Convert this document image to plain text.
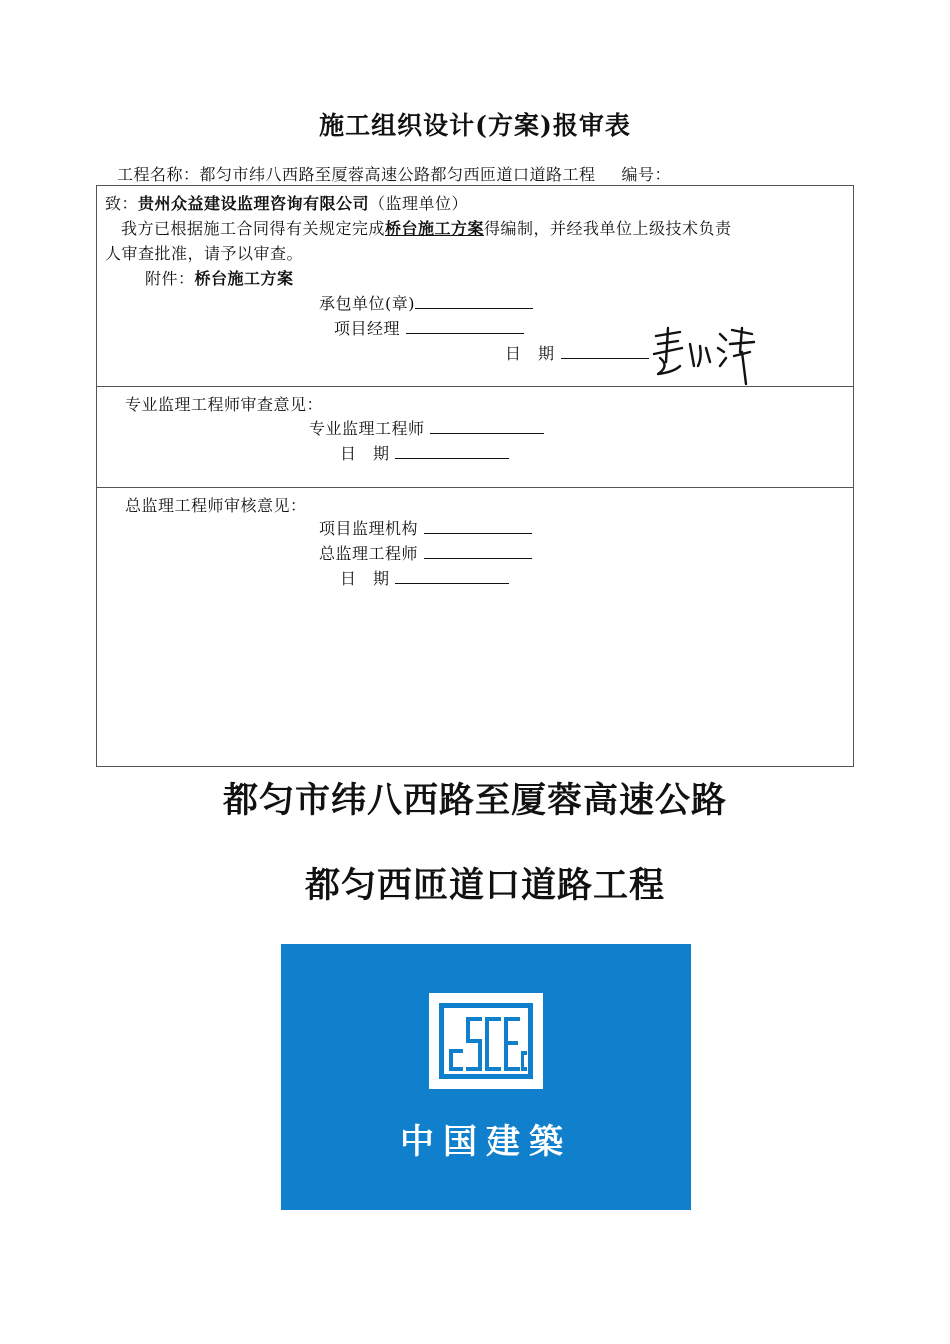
施工组织设计(方案)报审表
工程名称：都匀市纬八西路至厦蓉高速公路都匀西匝道口道路工程 编号：
致：贵州众益建设监理咨询有限公司（监理单位）
我方已根据施工合同得有关规定完成桥台施工方案得编制，并经我单位上级技术负责
人审查批准，请予以审查。
附件：桥台施工方案
承包单位(章)
项目经理
日　期
专业监理工程师审查意见：
专业监理工程师
日　期
总监理工程师审核意见：
项目监理机构
总监理工程师
日　期
都匀市纬八西路至厦蓉高速公路
都匀西匝道口道路工程
中国建築
